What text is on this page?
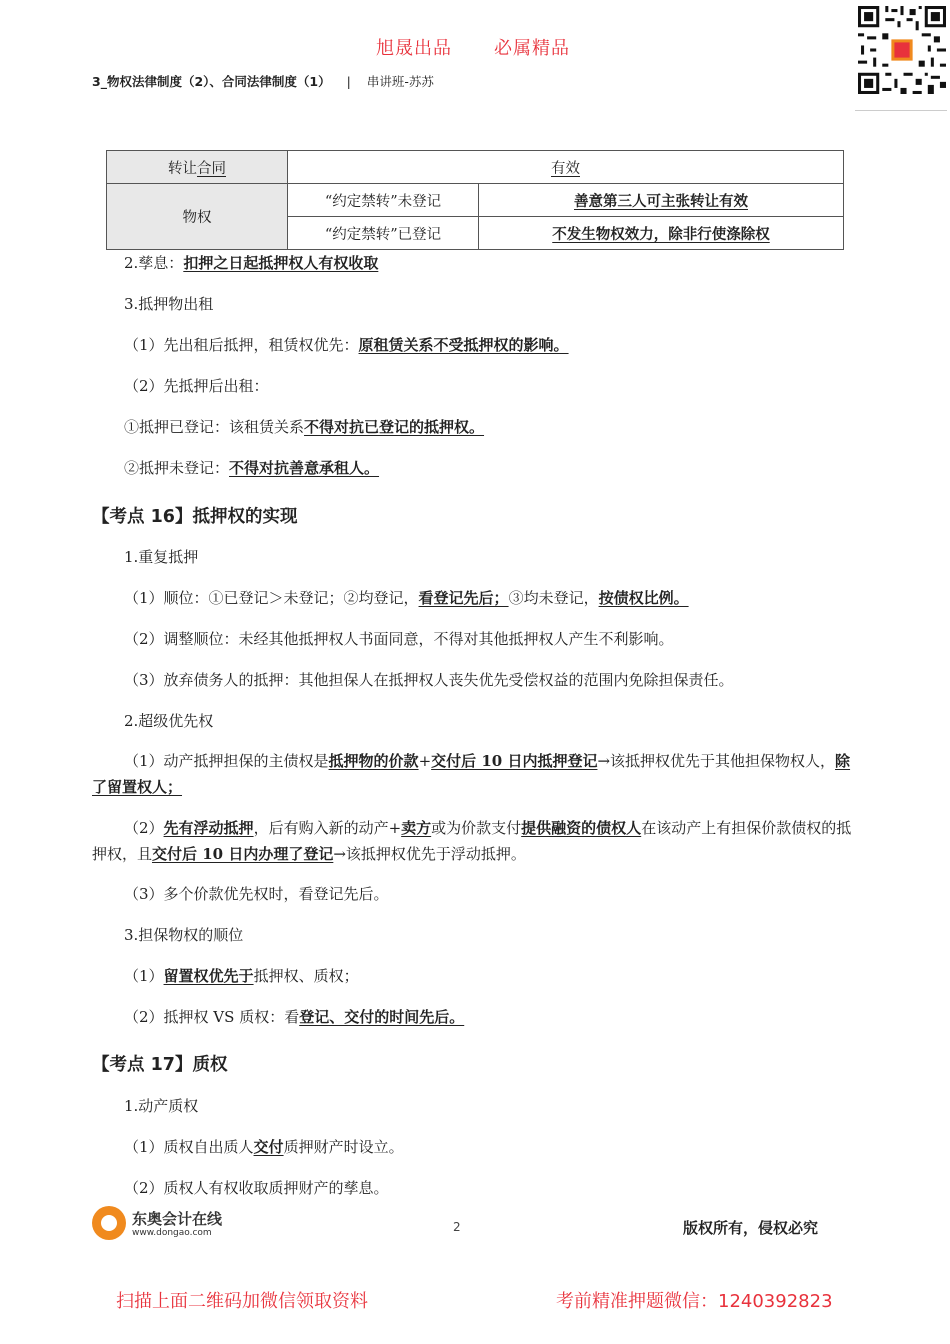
旭晟出品 必属精品
3_物权法律制度（2）、合同法律制度（1） | 串讲班-苏苏
转让合同	有效	
物权	“约定禁转”未登记	善意第三人可主张转让有效
	“约定禁转”已登记	不发生物权效力，除非行使涤除权
2.孳息：扣押之日起抵押权人有权收取
3.抵押物出租
（1）先出租后抵押，租赁权优先：原租赁关系不受抵押权的影响。
（2）先抵押后出租：
①抵押已登记：该租赁关系不得对抗已登记的抵押权。
②抵押未登记：不得对抗善意承租人。
【考点 16】抵押权的实现
1.重复抵押
（1）顺位：①已登记＞未登记；②均登记，看登记先后；③均未登记，按债权比例。
（2）调整顺位：未经其他抵押权人书面同意，不得对其他抵押权人产生不利影响。
（3）放弃债务人的抵押：其他担保人在抵押权人丧失优先受偿权益的范围内免除担保责任。
2.超级优先权
（1）动产抵押担保的主债权是抵押物的价款+交付后 10 日内抵押登记→该抵押权优先于其他担保物权人，除了留置权人；
（2）先有浮动抵押，后有购入新的动产+卖方或为价款支付提供融资的债权人在该动产上有担保价款债权的抵押权，且交付后 10 日内办理了登记→该抵押权优先于浮动抵押。
（3）多个价款优先权时，看登记先后。
3.担保物权的顺位
（1）留置权优先于抵押权、质权；
（2）抵押权 VS 质权：看登记、交付的时间先后。
【考点 17】质权
1.动产质权
（1）质权自出质人交付质押财产时设立。
（2）质权人有权收取质押财产的孳息。
东奥会计在线
www.dongao.com	2	版权所有，侵权必究
扫描上面二维码加微信领取资料	考前精准押题微信：1240392823
